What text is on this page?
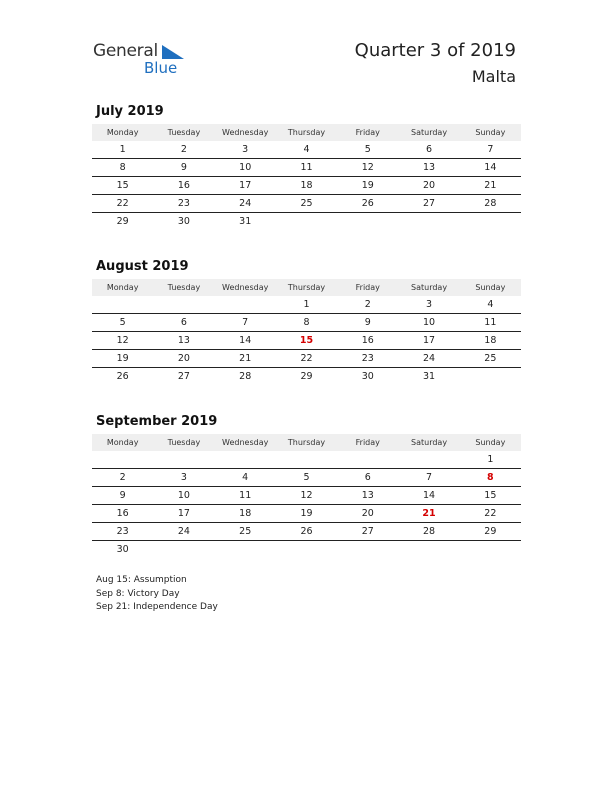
General
Blue
Quarter 3 of 2019
Malta
July 2019
Monday	Tuesday	Wednesday	Thursday	Friday	Saturday	Sunday
1	2	3	4	5	6	7
8	9	10	11	12	13	14
15	16	17	18	19	20	21
22	23	24	25	26	27	28
29	30	31				
August 2019
Monday	Tuesday	Wednesday	Thursday	Friday	Saturday	Sunday
			1	2	3	4
5	6	7	8	9	10	11
12	13	14	15	16	17	18
19	20	21	22	23	24	25
26	27	28	29	30	31	
September 2019
Monday	Tuesday	Wednesday	Thursday	Friday	Saturday	Sunday
						1
2	3	4	5	6	7	8
9	10	11	12	13	14	15
16	17	18	19	20	21	22
23	24	25	26	27	28	29
30						
Aug 15: Assumption
Sep 8: Victory Day
Sep 21: Independence Day
